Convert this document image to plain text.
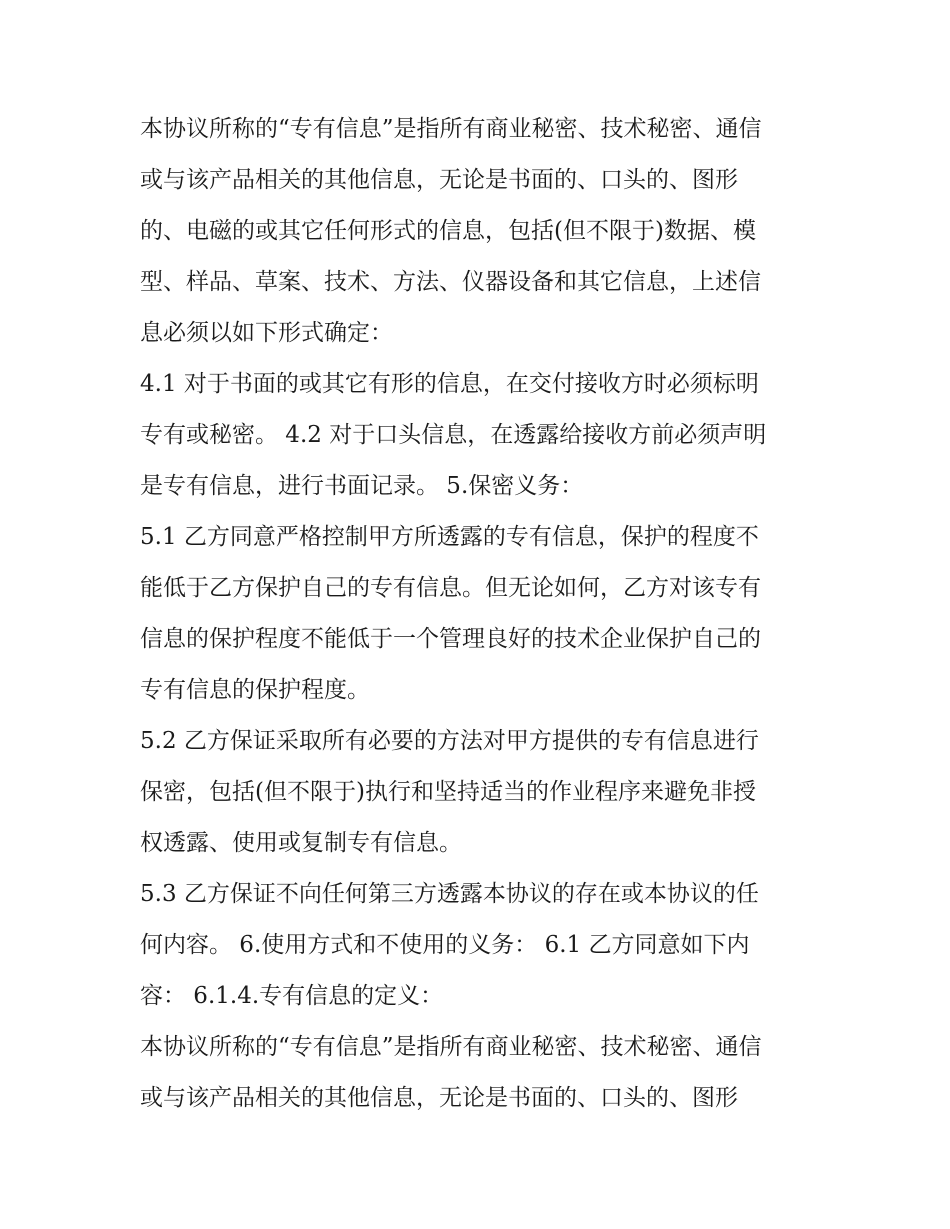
本协议所称的“专有信息”是指所有商业秘密、技术秘密、通信
或与该产品相关的其他信息，无论是书面的、口头的、图形
的、电磁的或其它任何形式的信息，包括(但不限于)数据、模
型、样品、草案、技术、方法、仪器设备和其它信息，上述信
息必须以如下形式确定：
4.1 对于书面的或其它有形的信息，在交付接收方时必须标明
专有或秘密。 4.2 对于口头信息，在透露给接收方前必须声明
是专有信息，进行书面记录。 5.保密义务：
5.1 乙方同意严格控制甲方所透露的专有信息，保护的程度不
能低于乙方保护自己的专有信息。但无论如何，乙方对该专有
信息的保护程度不能低于一个管理良好的技术企业保护自己的
专有信息的保护程度。
5.2 乙方保证采取所有必要的方法对甲方提供的专有信息进行
保密，包括(但不限于)执行和坚持适当的作业程序来避免非授
权透露、使用或复制专有信息。
5.3 乙方保证不向任何第三方透露本协议的存在或本协议的任
何内容。 6.使用方式和不使用的义务： 6.1 乙方同意如下内
容： 6.1.4.专有信息的定义：
本协议所称的“专有信息”是指所有商业秘密、技术秘密、通信
或与该产品相关的其他信息，无论是书面的、口头的、图形
